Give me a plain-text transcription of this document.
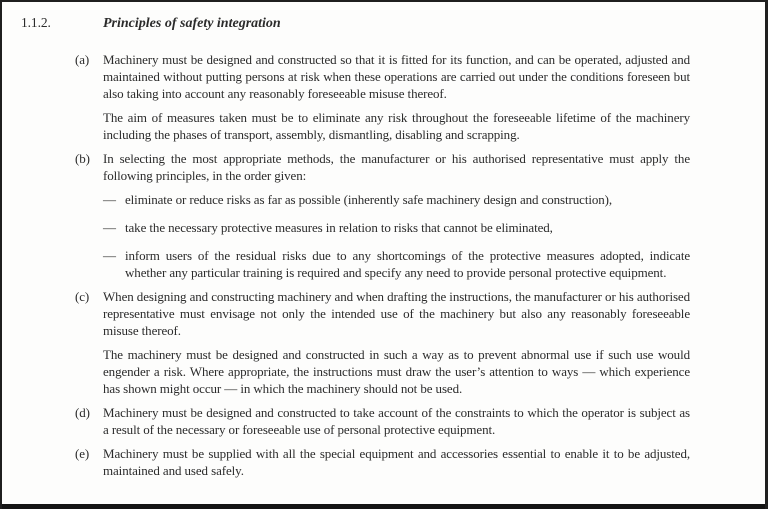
1.1.2.	Principles of safety integration
(a)	Machinery must be designed and constructed so that it is fitted for its function, and can be operated, adjusted and maintained without putting persons at risk when these operations are carried out under the conditions foreseen but also taking into account any reasonably foreseeable misuse thereof.

The aim of measures taken must be to eliminate any risk throughout the foreseeable lifetime of the machinery including the phases of transport, assembly, dismantling, disabling and scrapping.

(b)	In selecting the most appropriate methods, the manufacturer or his authorised representative must apply the following principles, in the order given:

— eliminate or reduce risks as far as possible (inherently safe machinery design and construction),

— take the necessary protective measures in relation to risks that cannot be eliminated,

— inform users of the residual risks due to any shortcomings of the protective measures adopted, indicate whether any particular training is required and specify any need to provide personal protective equipment.

(c)	When designing and constructing machinery and when drafting the instructions, the manufacturer or his authorised representative must envisage not only the intended use of the machinery but also any reasonably foreseeable misuse thereof.

The machinery must be designed and constructed in such a way as to prevent abnormal use if such use would engender a risk. Where appropriate, the instructions must draw the user’s attention to ways — which experience has shown might occur — in which the machinery should not be used.

(d)	Machinery must be designed and constructed to take account of the constraints to which the operator is subject as a result of the necessary or foreseeable use of personal protective equipment.

(e)	Machinery must be supplied with all the special equipment and accessories essential to enable it to be adjusted, maintained and used safely.
